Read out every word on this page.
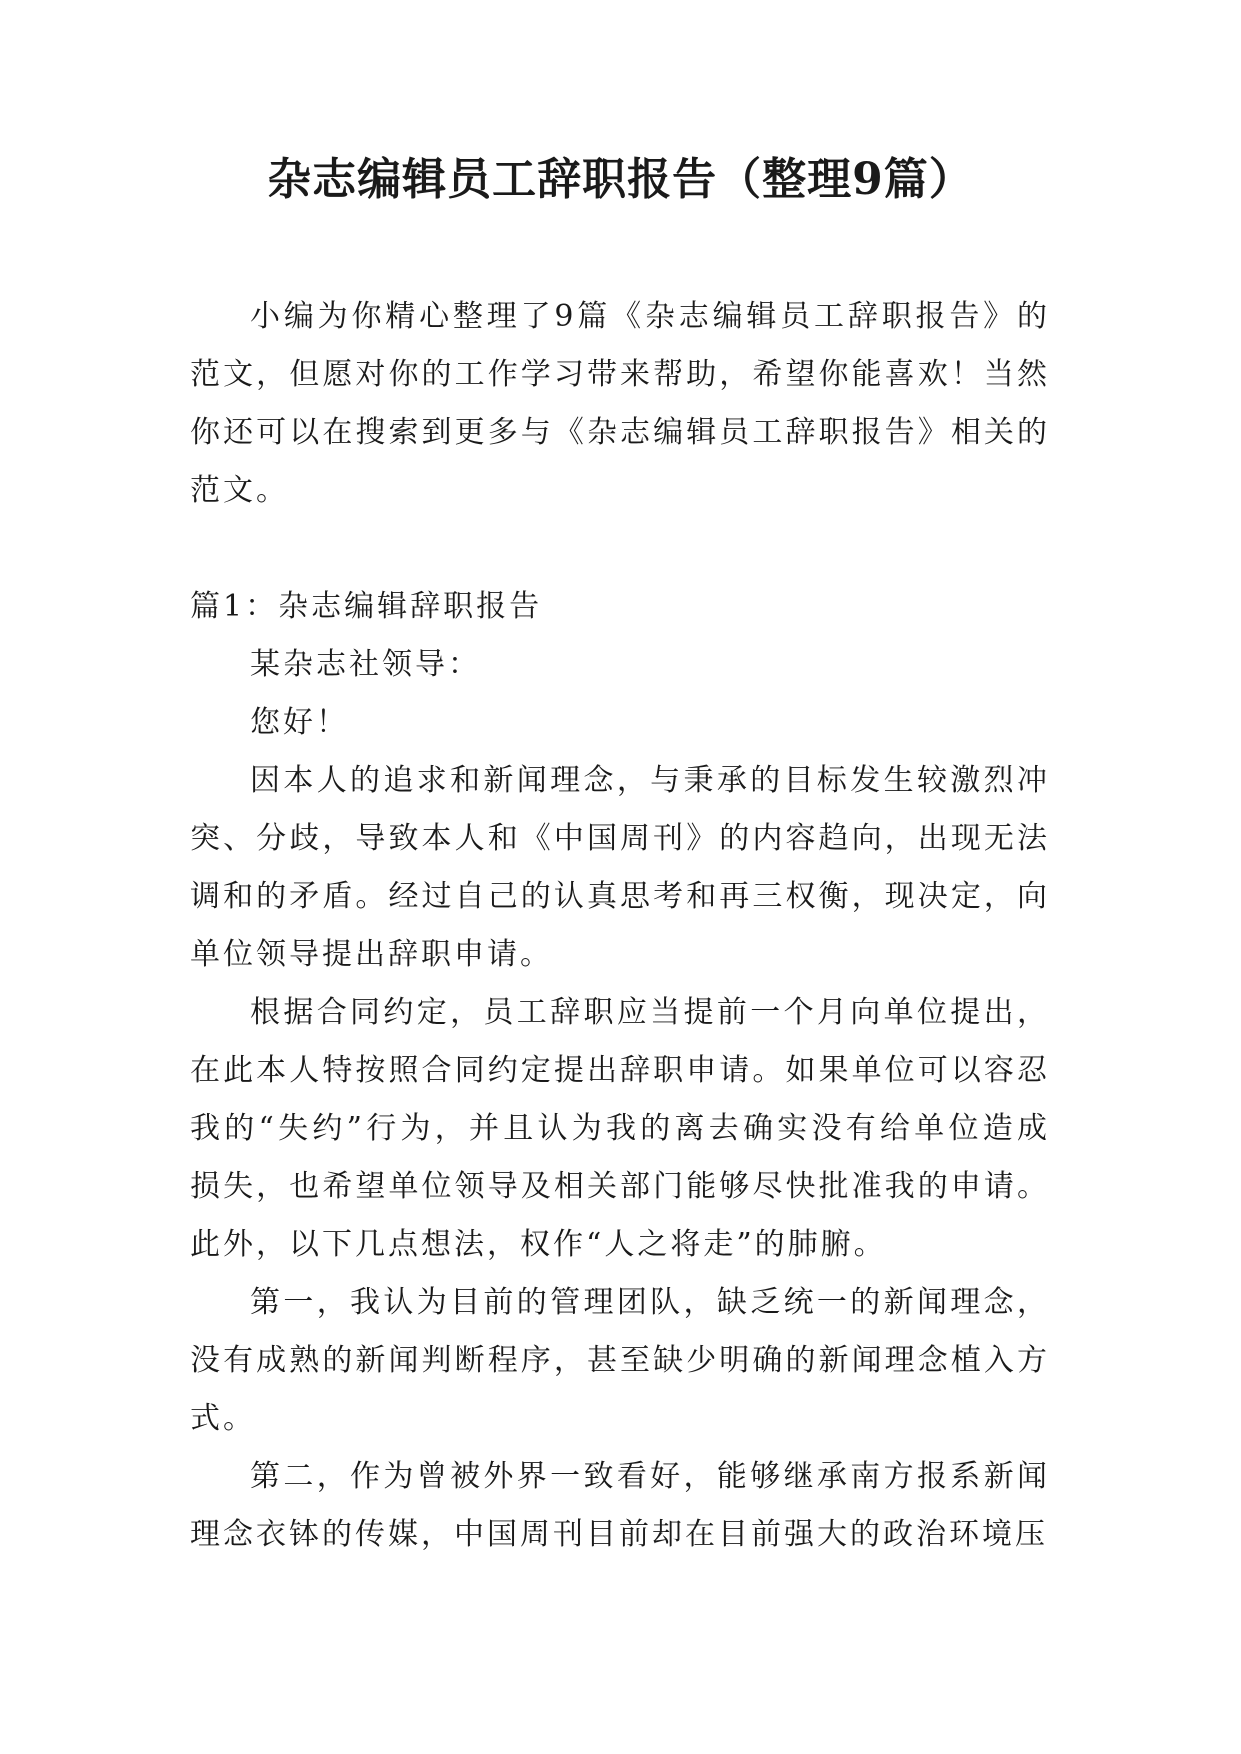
杂志编辑员工辞职报告（整理9篇）

小编为你精心整理了9篇《杂志编辑员工辞职报告》的范文，但愿对你的工作学习带来帮助，希望你能喜欢！当然你还可以在搜索到更多与《杂志编辑员工辞职报告》相关的范文。

篇1：杂志编辑辞职报告

某杂志社领导：

您好！

因本人的追求和新闻理念，与秉承的目标发生较激烈冲突、分歧，导致本人和《中国周刊》的内容趋向，出现无法调和的矛盾。经过自己的认真思考和再三权衡，现决定，向单位领导提出辞职申请。

根据合同约定，员工辞职应当提前一个月向单位提出，在此本人特按照合同约定提出辞职申请。如果单位可以容忍我的“失约”行为，并且认为我的离去确实没有给单位造成损失，也希望单位领导及相关部门能够尽快批准我的申请。此外，以下几点想法，权作“人之将走”的肺腑。

第一，我认为目前的管理团队，缺乏统一的新闻理念，没有成熟的新闻判断程序，甚至缺少明确的新闻理念植入方式。

第二，作为曾被外界一致看好，能够继承南方报系新闻理念衣钵的传媒，中国周刊目前却在目前强大的政治环境压
